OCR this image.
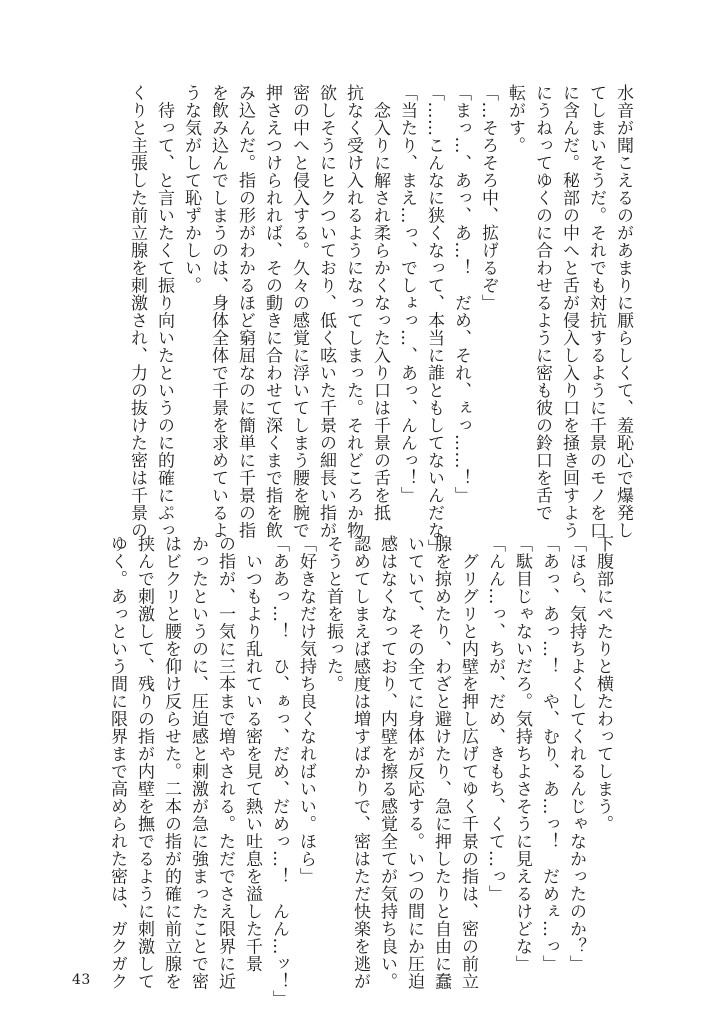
水音が聞こえるのがあまりに厭らしくて、羞恥心で爆発し
てしまいそうだ。それでも対抗するように千景のモノを口
に含んだ。秘部の中へと舌が侵入し入り口を掻き回すよう
にうねってゆくのに合わせるように密も彼の鈴口を舌で
転がす。
「…そろそろ中、拡げるぞ」
「まっ…、あっ、あ…！　だめ、それ、ぇっ……！」
「……こんなに狭くなって、本当に誰ともしてないんだな」
「当たり、まえ…っ、でしょっ…、あっ、んんっ！」
　念入りに解され柔らかくなった入り口は千景の舌を抵
抗なく受け入れるようになってしまった。それどころか物
欲しそうにヒクついており、低く呟いた千景の細長い指が
密の中へと侵入する。久々の感覚に浮いてしまう腰を腕で
押さえつけられれば、その動きに合わせて深くまで指を飲
み込んだ。指の形がわかるほど窮屈なのに簡単に千景の指
を飲み込んでしまうのは、身体全体で千景を求めているよ
うな気がして恥ずかしい。
　待って、と言いたくて振り向いたというのに的確にぷっ
くりと主張した前立腺を刺激され、力の抜けた密は千景の
下腹部にぺたりと横たわってしまう。
「ほら、気持ちよくしてくれるんじゃなかったのか？」
「あっ、あっ…！　や、むり、あ…っ！　だめぇ…っ」
「駄目じゃないだろ。気持ちよさそうに見えるけどな」
「んん…っ、ちが、だめ、きもち、くて…っ」
　グリグリと内壁を押し広げてゆく千景の指は、密の前立
腺を掠めたり、わざと避けたり、急に押したりと自由に蠢
いていて、その全てに身体が反応する。いつの間にか圧迫
感はなくなっており、内壁を擦る感覚全てが気持ち良い。
認めてしまえば感度は増すばかりで、密はただ快楽を逃が
そうと首を振った。
「好きなだけ気持ち良くなればいい。ほら」
「ああっ…！　ひ、ぁっ、だめ、だめっ…！　んん…ッ！」
　いつもより乱れている密を見て熱い吐息を溢した千景
の指が、一気に三本まで増やされる。ただでさえ限界に近
かったというのに、圧迫感と刺激が急に強まったことで密
はビクリと腰を仰け反らせた。二本の指が的確に前立腺を
挟んで刺激して、残りの指が内壁を撫でるように刺激して
ゆく。あっという間に限界まで高められた密は、ガクガク
43
